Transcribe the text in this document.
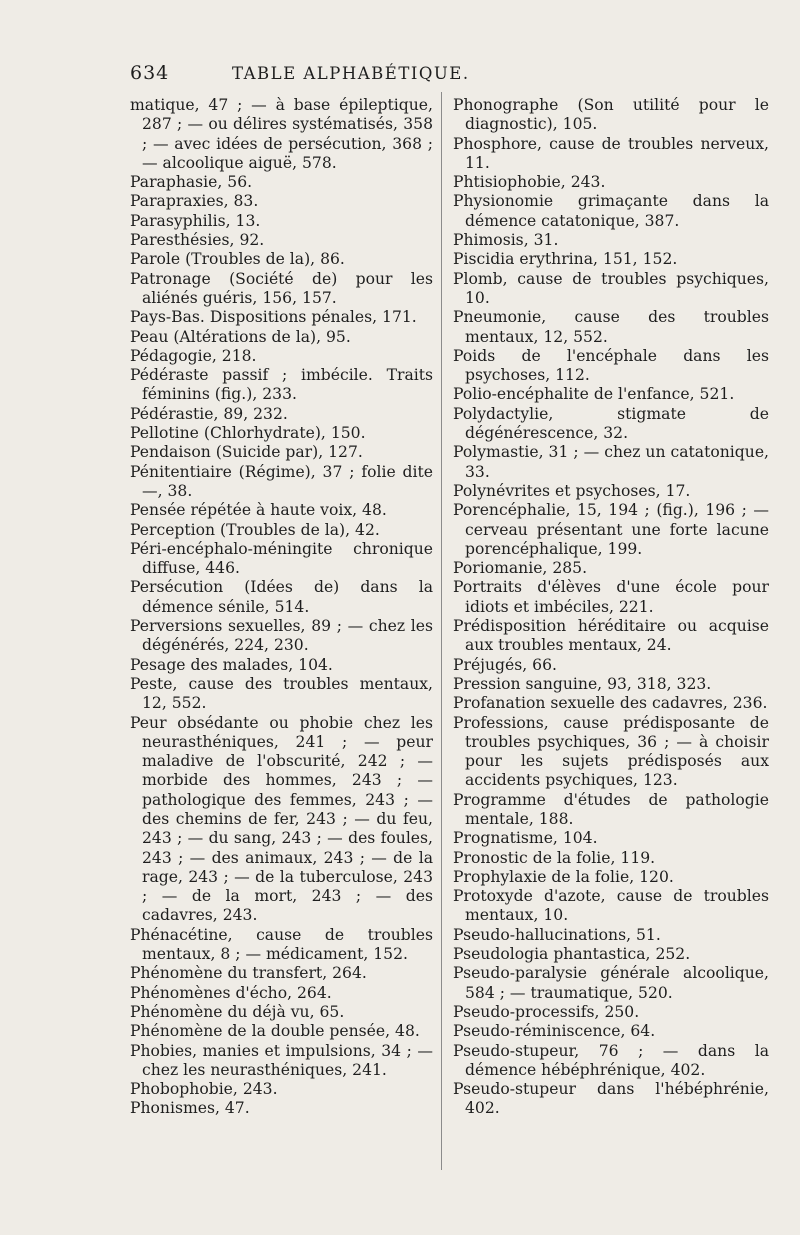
634	TABLE ALPHABÉTIQUE.

matique, 47 ; — à base épileptique, 287 ; — ou délires systématisés, 358 ; — avec idées de persécution, 368 ; — alcoolique aiguë, 578.

Paraphasie, 56.

Parapraxies, 83.

Parasyphilis, 13.

Paresthésies, 92.

Parole (Troubles de la), 86.

Patronage (Société de) pour les aliénés guéris, 156, 157.

Pays-Bas. Dispositions pénales, 171.

Peau (Altérations de la), 95.

Pédagogie, 218.

Pédéraste passif ; imbécile. Traits féminins (fig.), 233.

Pédérastie, 89, 232.

Pellotine (Chlorhydrate), 150.

Pendaison (Suicide par), 127.

Pénitentiaire (Régime), 37 ; folie dite —, 38.

Pensée répétée à haute voix, 48.

Perception (Troubles de la), 42.

Péri-encéphalo-méningite chronique diffuse, 446.

Persécution (Idées de) dans la démence sénile, 514.

Perversions sexuelles, 89 ; — chez les dégénérés, 224, 230.

Pesage des malades, 104.

Peste, cause des troubles mentaux, 12, 552.

Peur obsédante ou phobie chez les neurasthéniques, 241 ; — peur maladive de l'obscurité, 242 ; — morbide des hommes, 243 ; — pathologique des femmes, 243 ; — des chemins de fer, 243 ; — du feu, 243 ; — du sang, 243 ; — des foules, 243 ; — des animaux, 243 ; — de la rage, 243 ; — de la tuberculose, 243 ; — de la mort, 243 ; — des cadavres, 243.

Phénacétine, cause de troubles mentaux, 8 ; — médicament, 152.

Phénomène du transfert, 264.

Phénomènes d'écho, 264.

Phénomène du déjà vu, 65.

Phénomène de la double pensée, 48.

Phobies, manies et impulsions, 34 ; — chez les neurasthéniques, 241.

Phobophobie, 243.

Phonismes, 47.

Phonographe (Son utilité pour le diagnostic), 105.

Phosphore, cause de troubles nerveux, 11.

Phtisiophobie, 243.

Physionomie grimaçante dans la démence catatonique, 387.

Phimosis, 31.

Piscidia erythrina, 151, 152.

Plomb, cause de troubles psychiques, 10.

Pneumonie, cause des troubles mentaux, 12, 552.

Poids de l'encéphale dans les psychoses, 112.

Polio-encéphalite de l'enfance, 521.

Polydactylie, stigmate de dégénérescence, 32.

Polymastie, 31 ; — chez un catatonique, 33.

Polynévrites et psychoses, 17.

Porencéphalie, 15, 194 ; (fig.), 196 ; — cerveau présentant une forte lacune porencéphalique, 199.

Poriomanie, 285.

Portraits d'élèves d'une école pour idiots et imbéciles, 221.

Prédisposition héréditaire ou acquise aux troubles mentaux, 24.

Préjugés, 66.

Pression sanguine, 93, 318, 323.

Profanation sexuelle des cadavres, 236.

Professions, cause prédisposante de troubles psychiques, 36 ; — à choisir pour les sujets prédisposés aux accidents psychiques, 123.

Programme d'études de pathologie mentale, 188.

Prognatisme, 104.

Pronostic de la folie, 119.

Prophylaxie de la folie, 120.

Protoxyde d'azote, cause de troubles mentaux, 10.

Pseudo-hallucinations, 51.

Pseudologia phantastica, 252.

Pseudo-paralysie générale alcoolique, 584 ; — traumatique, 520.

Pseudo-processifs, 250.

Pseudo-réminiscence, 64.

Pseudo-stupeur, 76 ; — dans la démence hébéphrénique, 402.

Pseudo-stupeur dans l'hébéphrénie, 402.
